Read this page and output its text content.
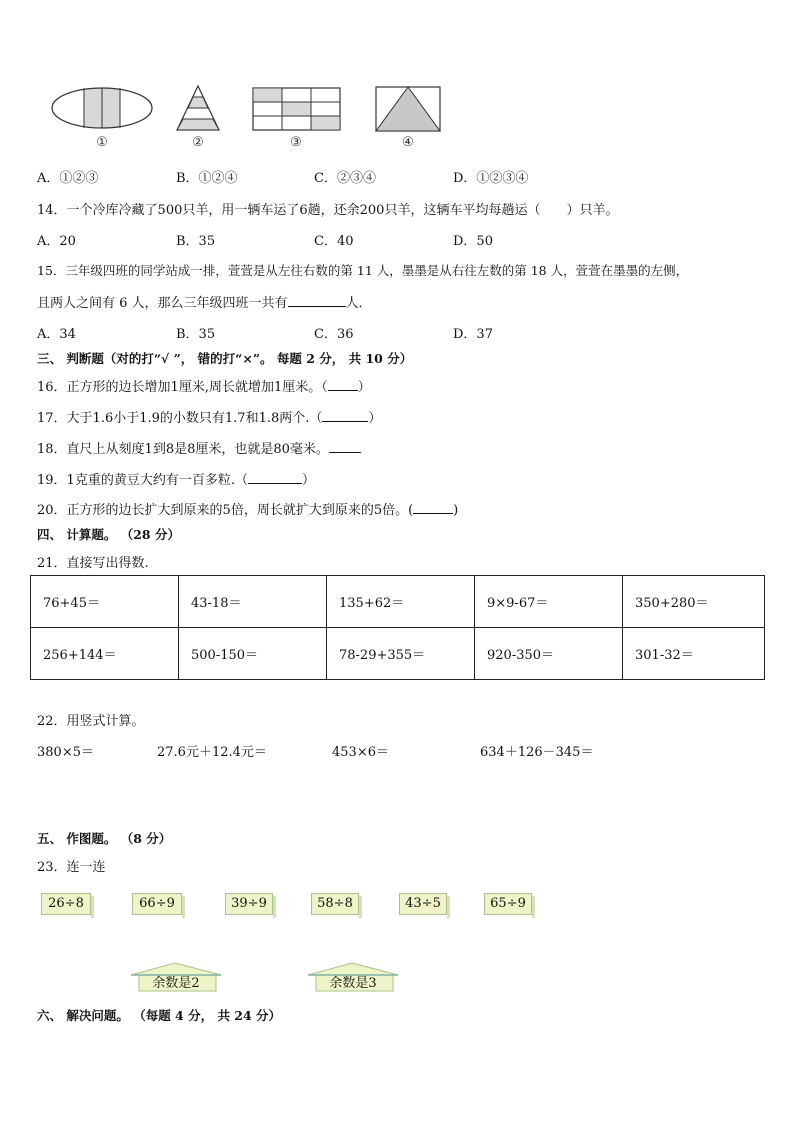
①	②	③	④
A．①②③	B．①②④	C．②③④	D．①②③④
14．一个冷库冷藏了500只羊，用一辆车运了6趟，还余200只羊，这辆车平均每趟运（　　）只羊。
A．20	B．35	C．40	D．50
15．三年级四班的同学站成一排，萱萱是从左往右数的第 11 人，墨墨是从右往左数的第 18 人，萱萱在墨墨的左侧，
且两人之间有 6 人，那么三年级四班一共有	人．
A．34	B．35	C．36	D．37
三、 判断题（对的打“√ ”， 错的打“×”。 每题 2 分， 共 10 分）
16．正方形的边长增加1厘米,周长就增加1厘米。（ ）
17．大于1.6小于1.9的小数只有1.7和1.8两个.（	）
18．直尺上从刻度1到8是8厘米，也就是80毫米。
19．1克重的黄豆大约有一百多粒.（	）
20．正方形的边长扩大到原来的5倍，周长就扩大到原来的5倍。(	)
四、 计算题。 （28 分）
21．直接写出得数.
76+45＝	43-18＝	135+62＝	9×9-67＝	350+280＝
256+144＝	500-150＝	78-29+355＝	920-350＝	301-32＝
22．用竖式计算。
380×5＝	27.6元＋12.4元＝	453×6＝	634＋126－345＝
五、 作图题。 （8 分）
23．连一连
26÷8	66÷9	39÷9	58÷8	43÷5	65÷9
余数是2	余数是3
六、 解决问题。 （每题 4 分， 共 24 分）
